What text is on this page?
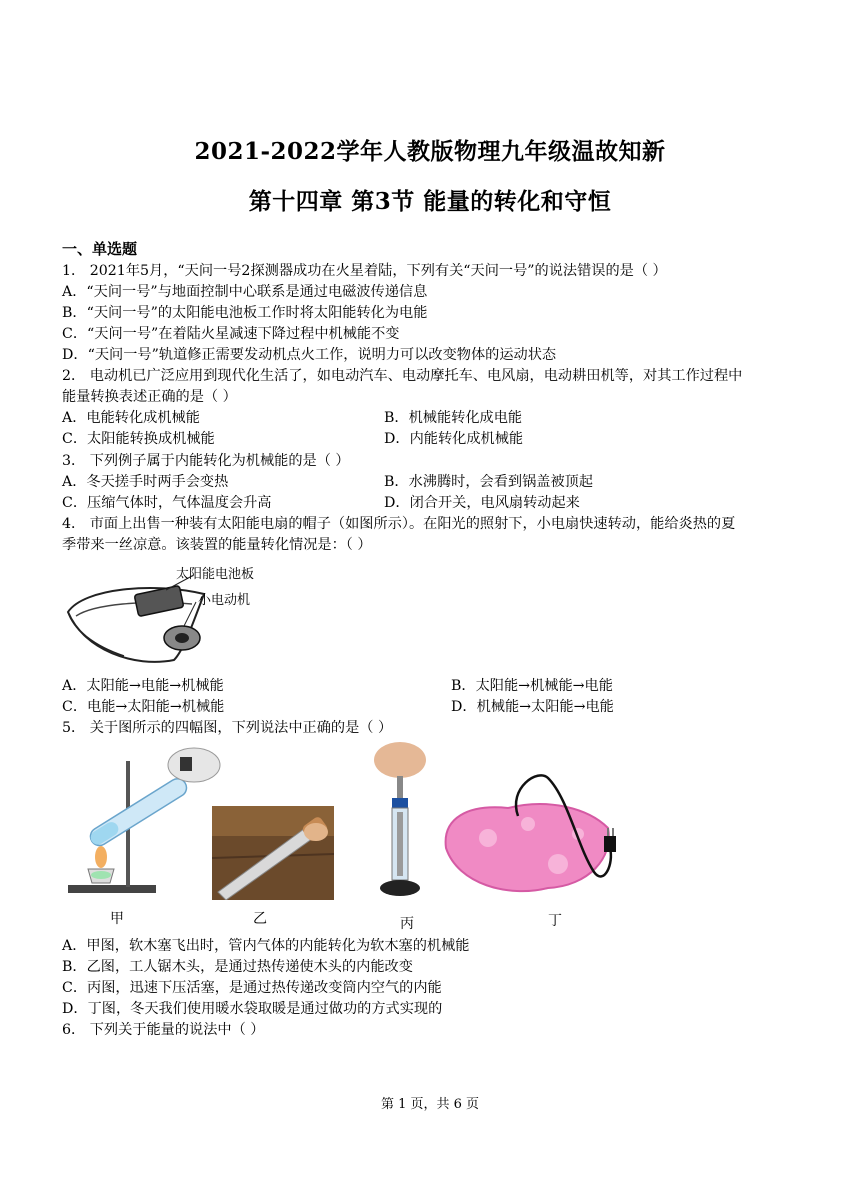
2021-2022学年人教版物理九年级温故知新
第十四章 第3节 能量的转化和守恒
一、单选题
1． 2021年5月，“天问一号2探测器成功在火星着陆，下列有关“天问一号”的说法错误的是（ ）
A．“天问一号”与地面控制中心联系是通过电磁波传递信息
B．“天问一号”的太阳能电池板工作时将太阳能转化为电能
C．“天问一号”在着陆火星减速下降过程中机械能不变
D．“天问一号”轨道修正需要发动机点火工作，说明力可以改变物体的运动状态
2． 电动机已广泛应用到现代化生活了，如电动汽车、电动摩托车、电风扇，电动耕田机等，对其工作过程中
能量转换表述正确的是（ ）
A．电能转化成机械能	B．机械能转化成电能
C．太阳能转换成机械能	D．内能转化成机械能
3． 下列例子属于内能转化为机械能的是（ ）
A．冬天搓手时两手会变热	B．水沸腾时，会看到锅盖被顶起
C．压缩气体时，气体温度会升高	D．闭合开关，电风扇转动起来
4． 市面上出售一种装有太阳能电扇的帽子（如图所示）。在阳光的照射下，小电扇快速转动，能给炎热的夏
季带来一丝凉意。该装置的能量转化情况是：（ ）
太阳能电池板
小电动机
A．太阳能→电能→机械能	B．太阳能→机械能→电能
C．电能→太阳能→机械能	D．机械能→太阳能→电能
5． 关于图所示的四幅图，下列说法中正确的是（ ）
甲	乙	丙	丁
A．甲图，软木塞飞出时，管内气体的内能转化为软木塞的机械能
B．乙图，工人锯木头，是通过热传递使木头的内能改变
C．丙图，迅速下压活塞，是通过热传递改变筒内空气的内能
D．丁图，冬天我们使用暖水袋取暖是通过做功的方式实现的
6． 下列关于能量的说法中（ ）
第 1 页，共 6 页
